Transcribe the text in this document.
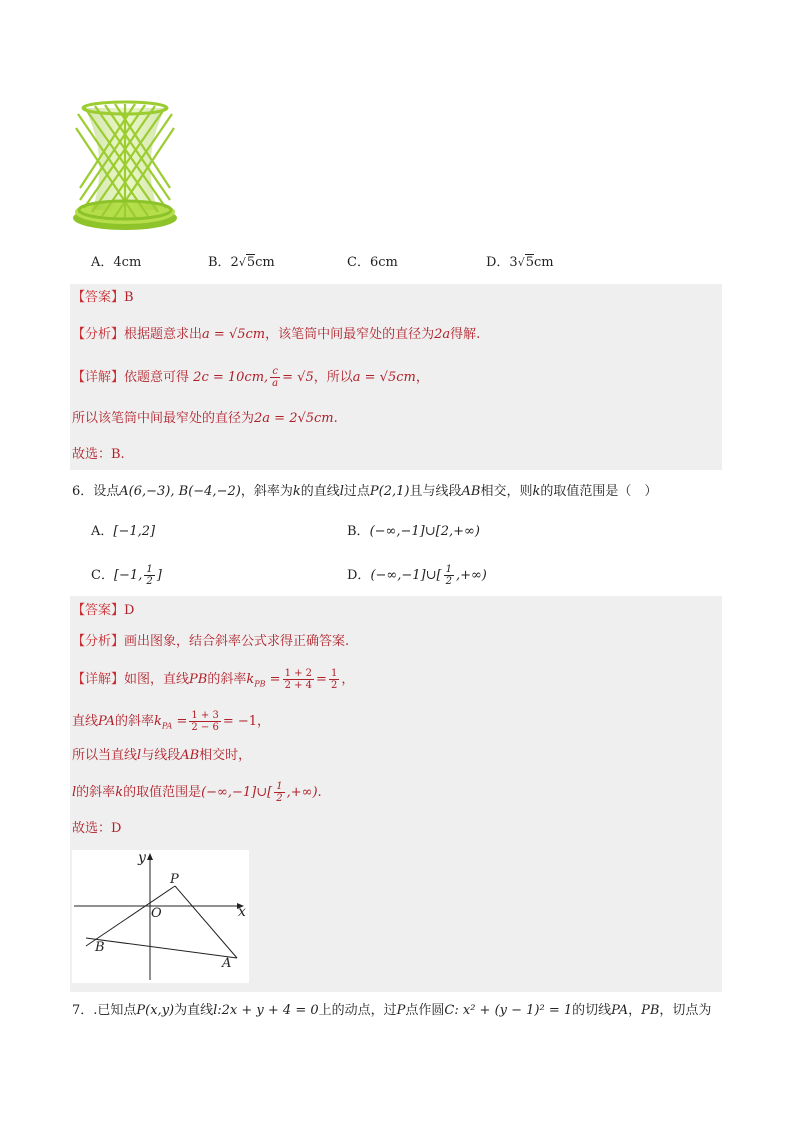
A．4cm	B．2√5cm	C．6cm	D．3√5cm
【答案】B
【分析】根据题意求出a = √5cm，该笔筒中间最窄处的直径为2a得解.
【详解】依题意可得 2c = 10cm, $\frac{c}{a} = √5$，所以a = √5cm，
所以该笔筒中间最窄处的直径为2a = 2√5cm.
故选：B.
6．设点A(6,−3), B(−4,−2)，斜率为k的直线l过点P(2,1)且与线段AB相交，则k的取值范围是（　）
A．[−1,2]	B．(−∞,−1]∪[2,+∞)
C．[−1, $\frac{1}{2}$ ]	D．(−∞,−1]∪[ $\frac{1}{2}$ ,+∞)
【答案】D
【分析】画出图象，结合斜率公式求得正确答案.
【详解】如图，直线PB的斜率$k_{PB} = \frac{1 + 2}{2 + 4} = \frac{1}{2}$ ，
直线PA的斜率$k_{PA} = \frac{1 + 3}{2 - 6} = -1$，
所以当直线l与线段AB相交时，
l的斜率k的取值范围是(−∞,−1]∪[ $\frac{1}{2}$ ,+∞).
故选：D
x
y
O
P
A
B
7．.已知点P(x,y)为直线l:2x + y + 4 = 0上的动点，过P点作圆C: x² + (y − 1)² = 1的切线PA，PB，切点为
